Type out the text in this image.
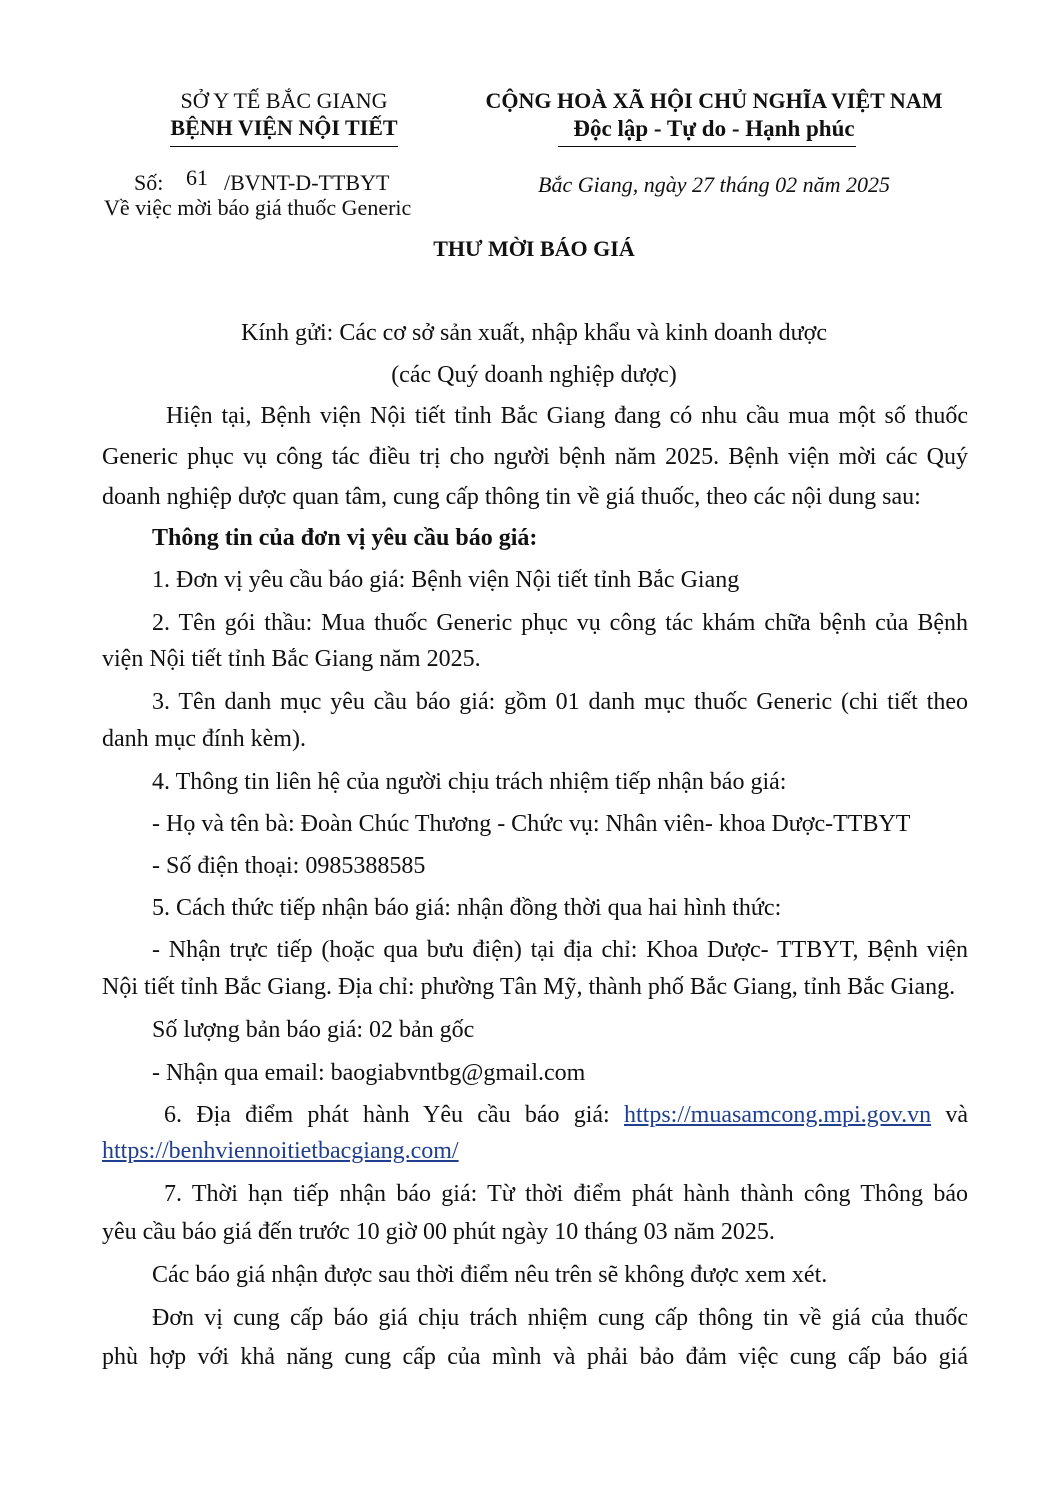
SỞ Y TẾ BẮC GIANG
BỆNH VIỆN NỘI TIẾT
Số: 61 /BVNT-D-TTBYT
Về việc mời báo giá thuốc Generic
CỘNG HOÀ XÃ HỘI CHỦ NGHĨA VIỆT NAM
Độc lập - Tự do - Hạnh phúc
Bắc Giang, ngày 27 tháng 02 năm 2025
THƯ MỜI BÁO GIÁ
Kính gửi: Các cơ sở sản xuất, nhập khẩu và kinh doanh dược
(các Quý doanh nghiệp dược)
Hiện tại, Bệnh viện Nội tiết tỉnh Bắc Giang đang có nhu cầu mua một số thuốc
Generic phục vụ công tác điều trị cho người bệnh năm 2025. Bệnh viện mời các Quý
doanh nghiệp dược quan tâm, cung cấp thông tin về giá thuốc, theo các nội dung sau:
Thông tin của đơn vị yêu cầu báo giá:
1. Đơn vị yêu cầu báo giá: Bệnh viện Nội tiết tỉnh Bắc Giang
2. Tên gói thầu: Mua thuốc Generic phục vụ công tác khám chữa bệnh của Bệnh
viện Nội tiết tỉnh Bắc Giang năm 2025.
3. Tên danh mục yêu cầu báo giá: gồm 01 danh mục thuốc Generic (chi tiết theo
danh mục đính kèm).
4. Thông tin liên hệ của người chịu trách nhiệm tiếp nhận báo giá:
- Họ và tên bà: Đoàn Chúc Thương - Chức vụ: Nhân viên- khoa Dược-TTBYT
- Số điện thoại: 0985388585
5. Cách thức tiếp nhận báo giá: nhận đồng thời qua hai hình thức:
- Nhận trực tiếp (hoặc qua bưu điện) tại địa chỉ: Khoa Dược- TTBYT, Bệnh viện
Nội tiết tỉnh Bắc Giang. Địa chỉ: phường Tân Mỹ, thành phố Bắc Giang, tỉnh Bắc Giang.
Số lượng bản báo giá: 02 bản gốc
- Nhận qua email: baogiabvntbg@gmail.com
6. Địa điểm phát hành Yêu cầu báo giá: https://muasamcong.mpi.gov.vn và
https://benhviennoitietbacgiang.com/
7. Thời hạn tiếp nhận báo giá: Từ thời điểm phát hành thành công Thông báo
yêu cầu báo giá đến trước 10 giờ 00 phút ngày 10 tháng 03 năm 2025.
Các báo giá nhận được sau thời điểm nêu trên sẽ không được xem xét.
Đơn vị cung cấp báo giá chịu trách nhiệm cung cấp thông tin về giá của thuốc
phù hợp với khả năng cung cấp của mình và phải bảo đảm việc cung cấp báo giá
